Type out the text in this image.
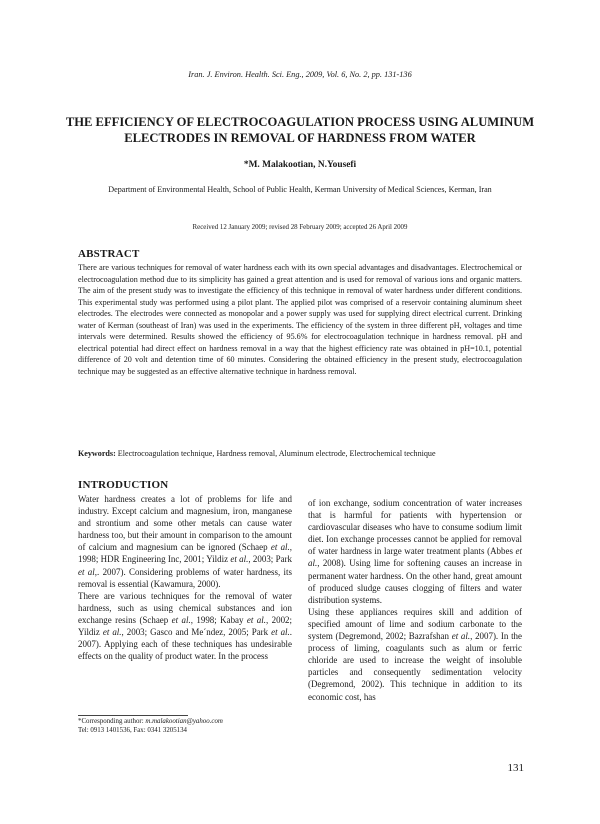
Iran. J. Environ. Health. Sci. Eng., 2009, Vol. 6, No. 2, pp. 131-136
THE EFFICIENCY OF ELECTROCOAGULATION PROCESS USING ALUMINUM ELECTRODES IN REMOVAL OF HARDNESS FROM WATER
*M. Malakootian, N.Yousefi
Department of Environmental Health, School of Public Health, Kerman University of Medical Sciences, Kerman, Iran
Received 12 January 2009; revised 28 February 2009; accepted 26 April 2009
ABSTRACT

There are various techniques for removal of water hardness each with its own special advantages and disadvantages. Electrochemical or electrocoagulation method due to its simplicity has gained a great attention and is used for removal of various ions and organic matters. The aim of the present study was to investigate the efficiency of this technique in removal of water hardness under different conditions. This experimental study was performed using a pilot plant. The applied pilot was comprised of a reservoir containing aluminum sheet electrodes. The electrodes were connected as monopolar and a power supply was used for supplying direct electrical current. Drinking water of Kerman (southeast of Iran) was used in the experiments. The efficiency of the system in three different pH, voltages and time intervals were determined. Results showed the efficiency of 95.6% for electrocoagulation technique in hardness removal. pH and electrical potential had direct effect on hardness removal in a way that the highest efficiency rate was obtained in pH=10.1, potential difference of 20 volt and detention time of 60 minutes. Considering the obtained efficiency in the present study, electrocoagulation technique may be suggested as an effective alternative technique in hardness removal.

Keywords: Electrocoagulation technique, Hardness removal, Aluminum electrode, Electrochemical technique

INTRODUCTION

Water hardness creates a lot of problems for life and industry. Except calcium and magnesium, iron, manganese and strontium and some other metals can cause water hardness too, but their amount in comparison to the amount of calcium and magnesium can be ignored (Schaep et al., 1998; HDR Engineering Inc, 2001; Yildiz et al., 2003; Park et al,. 2007). Considering problems of water hardness, its removal is essential (Kawamura, 2000).

There are various techniques for the removal of water hardness, such as using chemical substances and ion exchange resins (Schaep et al., 1998; Kabay et al., 2002; Yildiz et al., 2003; Gasco and Me´ndez, 2005; Park et al.. 2007). Applying each of these techniques has undesirable effects on the quality of product water. In the process

of ion exchange, sodium concentration of water increases that is harmful for patients with hypertension or cardiovascular diseases who have to consume sodium limit diet. Ion exchange processes cannot be applied for removal of water hardness in large water treatment plants (Abbes et al., 2008). Using lime for softening causes an increase in permanent water hardness. On the other hand, great amount of produced sludge causes clogging of filters and water distribution systems.

Using these appliances requires skill and addition of specified amount of lime and sodium carbonate to the system (Degremond, 2002; Bazrafshan et al., 2007). In the process of liming, coagulants such as alum or ferric chloride are used to increase the weight of insoluble particles and consequently sedimentation velocity (Degremond, 2002). This technique in addition to its economic cost, has

*Corresponding author: m.malakootian@yahoo.com
Tel: 0913 1401536, Fax: 0341 3205134
131
